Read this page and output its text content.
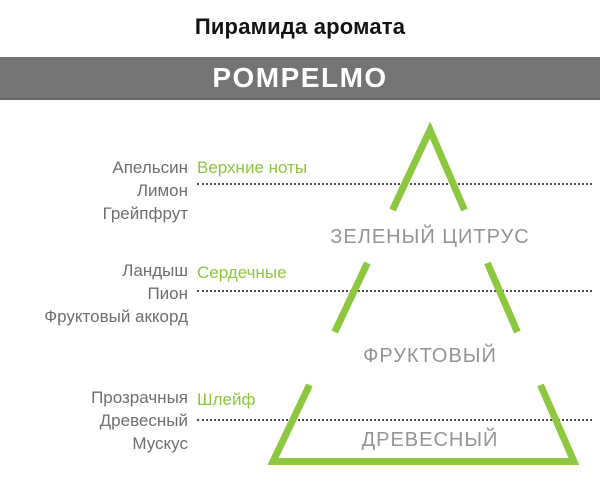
Пирамида аромата
POMPELMO
Апельсин
Лимон
Грейпфрут
Верхние ноты
ЗЕЛЕНЫЙ ЦИТРУС
Ландыш
Пион
Фруктовый аккорд
Сердечные
ФРУКТОВЫЙ
Прозрачныя
Древесный
Мускус
Шлейф
ДРЕВЕСНЫЙ
